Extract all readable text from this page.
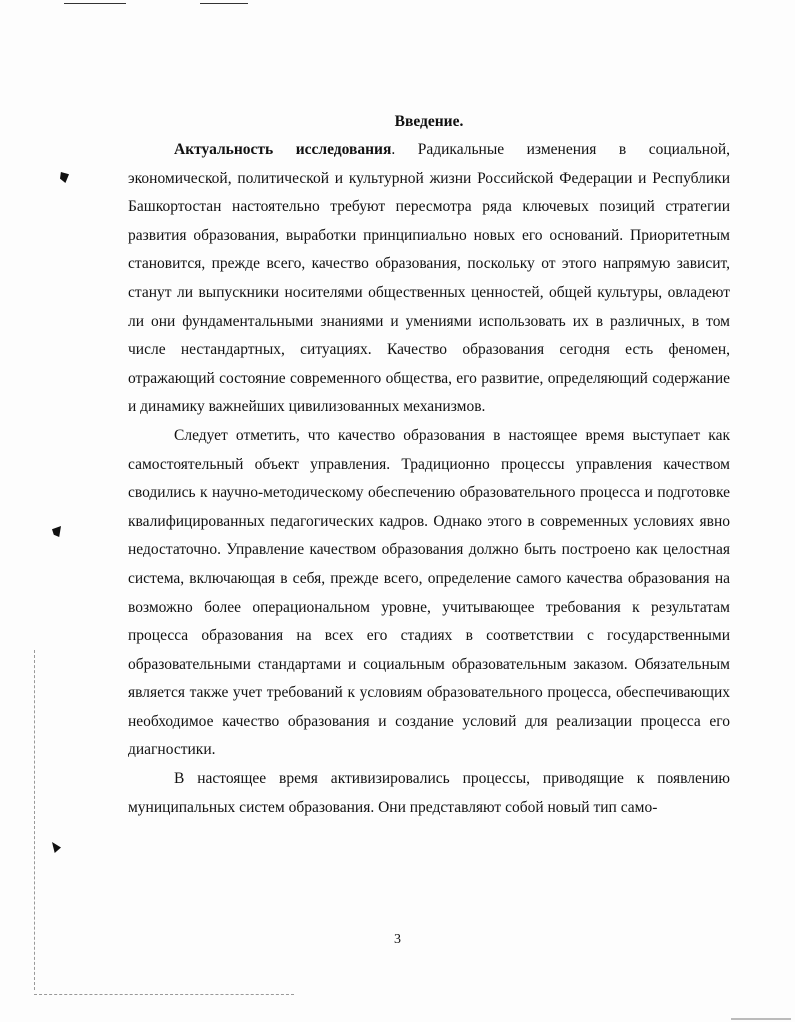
Введение.

Актуальность исследования. Радикальные изменения в социальной, экономической, политической и культурной жизни Российской Федерации и Республики Башкортостан настоятельно требуют пересмотра ряда ключевых позиций стратегии развития образования, выработки принципиально новых его оснований. Приоритетным становится, прежде всего, качество образования, поскольку от этого напрямую зависит, станут ли выпускники носителями общественных ценностей, общей культуры, овладеют ли они фундаментальными знаниями и умениями использовать их в различных, в том числе нестандартных, ситуациях. Качество образования сегодня есть феномен, отражающий состояние современного общества, его развитие, определяющий содержание и динамику важнейших цивилизованных механизмов.

Следует отметить, что качество образования в настоящее время выступает как самостоятельный объект управления. Традиционно процессы управления качеством сводились к научно-методическому обеспечению образовательного процесса и подготовке квалифицированных педагогических кадров. Однако этого в современных условиях явно недостаточно. Управление качеством образования должно быть построено как целостная система, включающая в себя, прежде всего, определение самого качества образования на возможно более операциональном уровне, учитывающее требования к результатам процесса образования на всех его стадиях в соответствии с государственными образовательными стандартами и социальным образовательным заказом. Обязательным является также учет требований к условиям образовательного процесса, обеспечивающих необходимое качество образования и создание условий для реализации процесса его диагностики.

В настоящее время активизировались процессы, приводящие к появлению муниципальных систем образования. Они представляют собой новый тип само-

3
